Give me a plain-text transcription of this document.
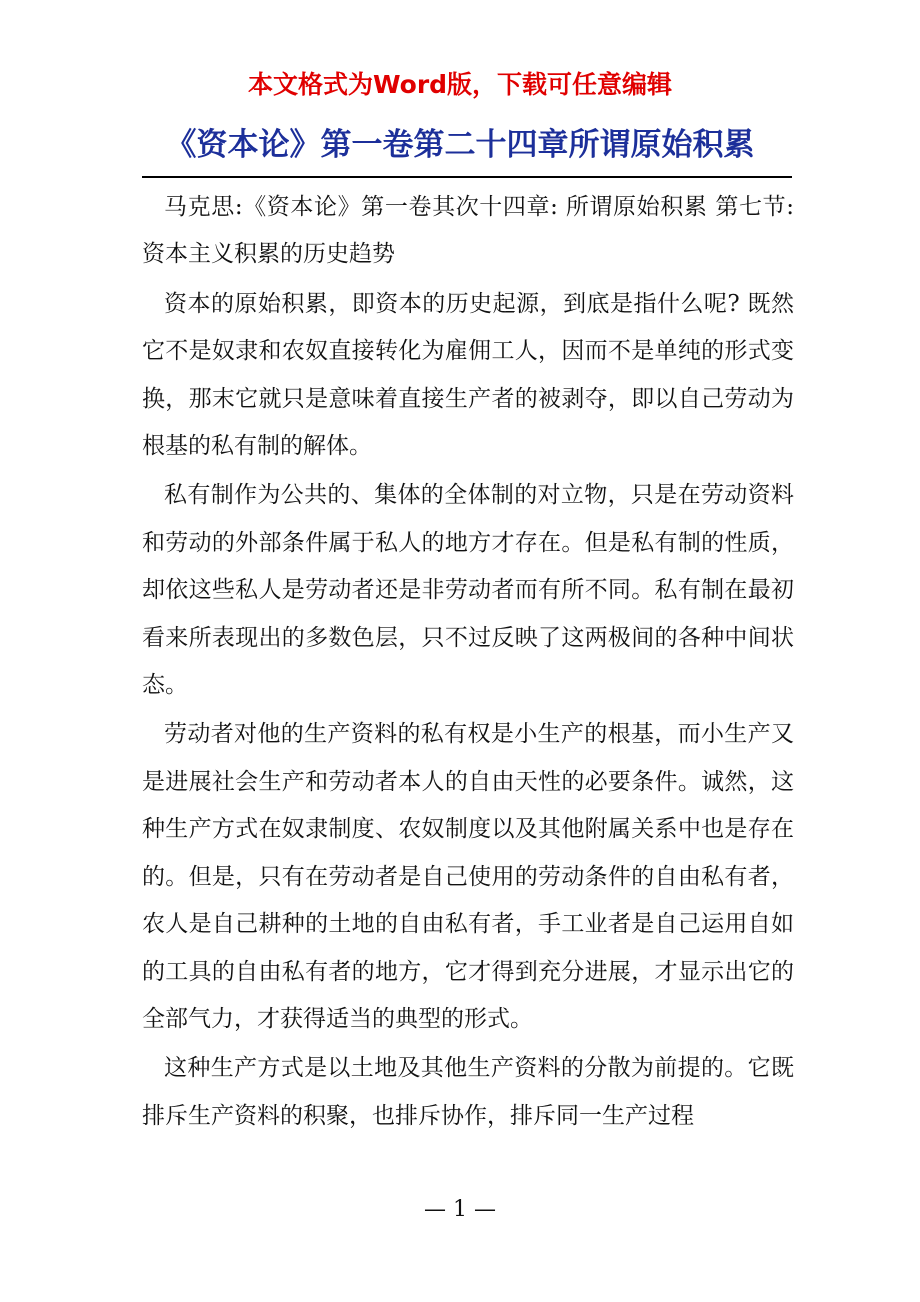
本文格式为Word版，下载可任意编辑
《资本论》第一卷第二十四章所谓原始积累

马克思:《资本论》第一卷其次十四章: 所谓原始积累 第七节: 资本主义积累的历史趋势

资本的原始积累，即资本的历史起源，到底是指什么呢? 既然它不是奴隶和农奴直接转化为雇佣工人，因而不是单纯的形式变换，那末它就只是意味着直接生产者的被剥夺，即以自己劳动为根基的私有制的解体。

私有制作为公共的、集体的全体制的对立物，只是在劳动资料和劳动的外部条件属于私人的地方才存在。但是私有制的性质，却依这些私人是劳动者还是非劳动者而有所不同。私有制在最初看来所表现出的多数色层，只不过反映了这两极间的各种中间状态。

劳动者对他的生产资料的私有权是小生产的根基，而小生产又是进展社会生产和劳动者本人的自由天性的必要条件。诚然，这种生产方式在奴隶制度、农奴制度以及其他附属关系中也是存在的。但是，只有在劳动者是自己使用的劳动条件的自由私有者，农人是自己耕种的土地的自由私有者，手工业者是自己运用自如的工具的自由私有者的地方，它才得到充分进展，才显示出它的全部气力，才获得适当的典型的形式。

这种生产方式是以土地及其他生产资料的分散为前提的。它既排斥生产资料的积聚，也排斥协作，排斥同一生产过程

— 1 —
